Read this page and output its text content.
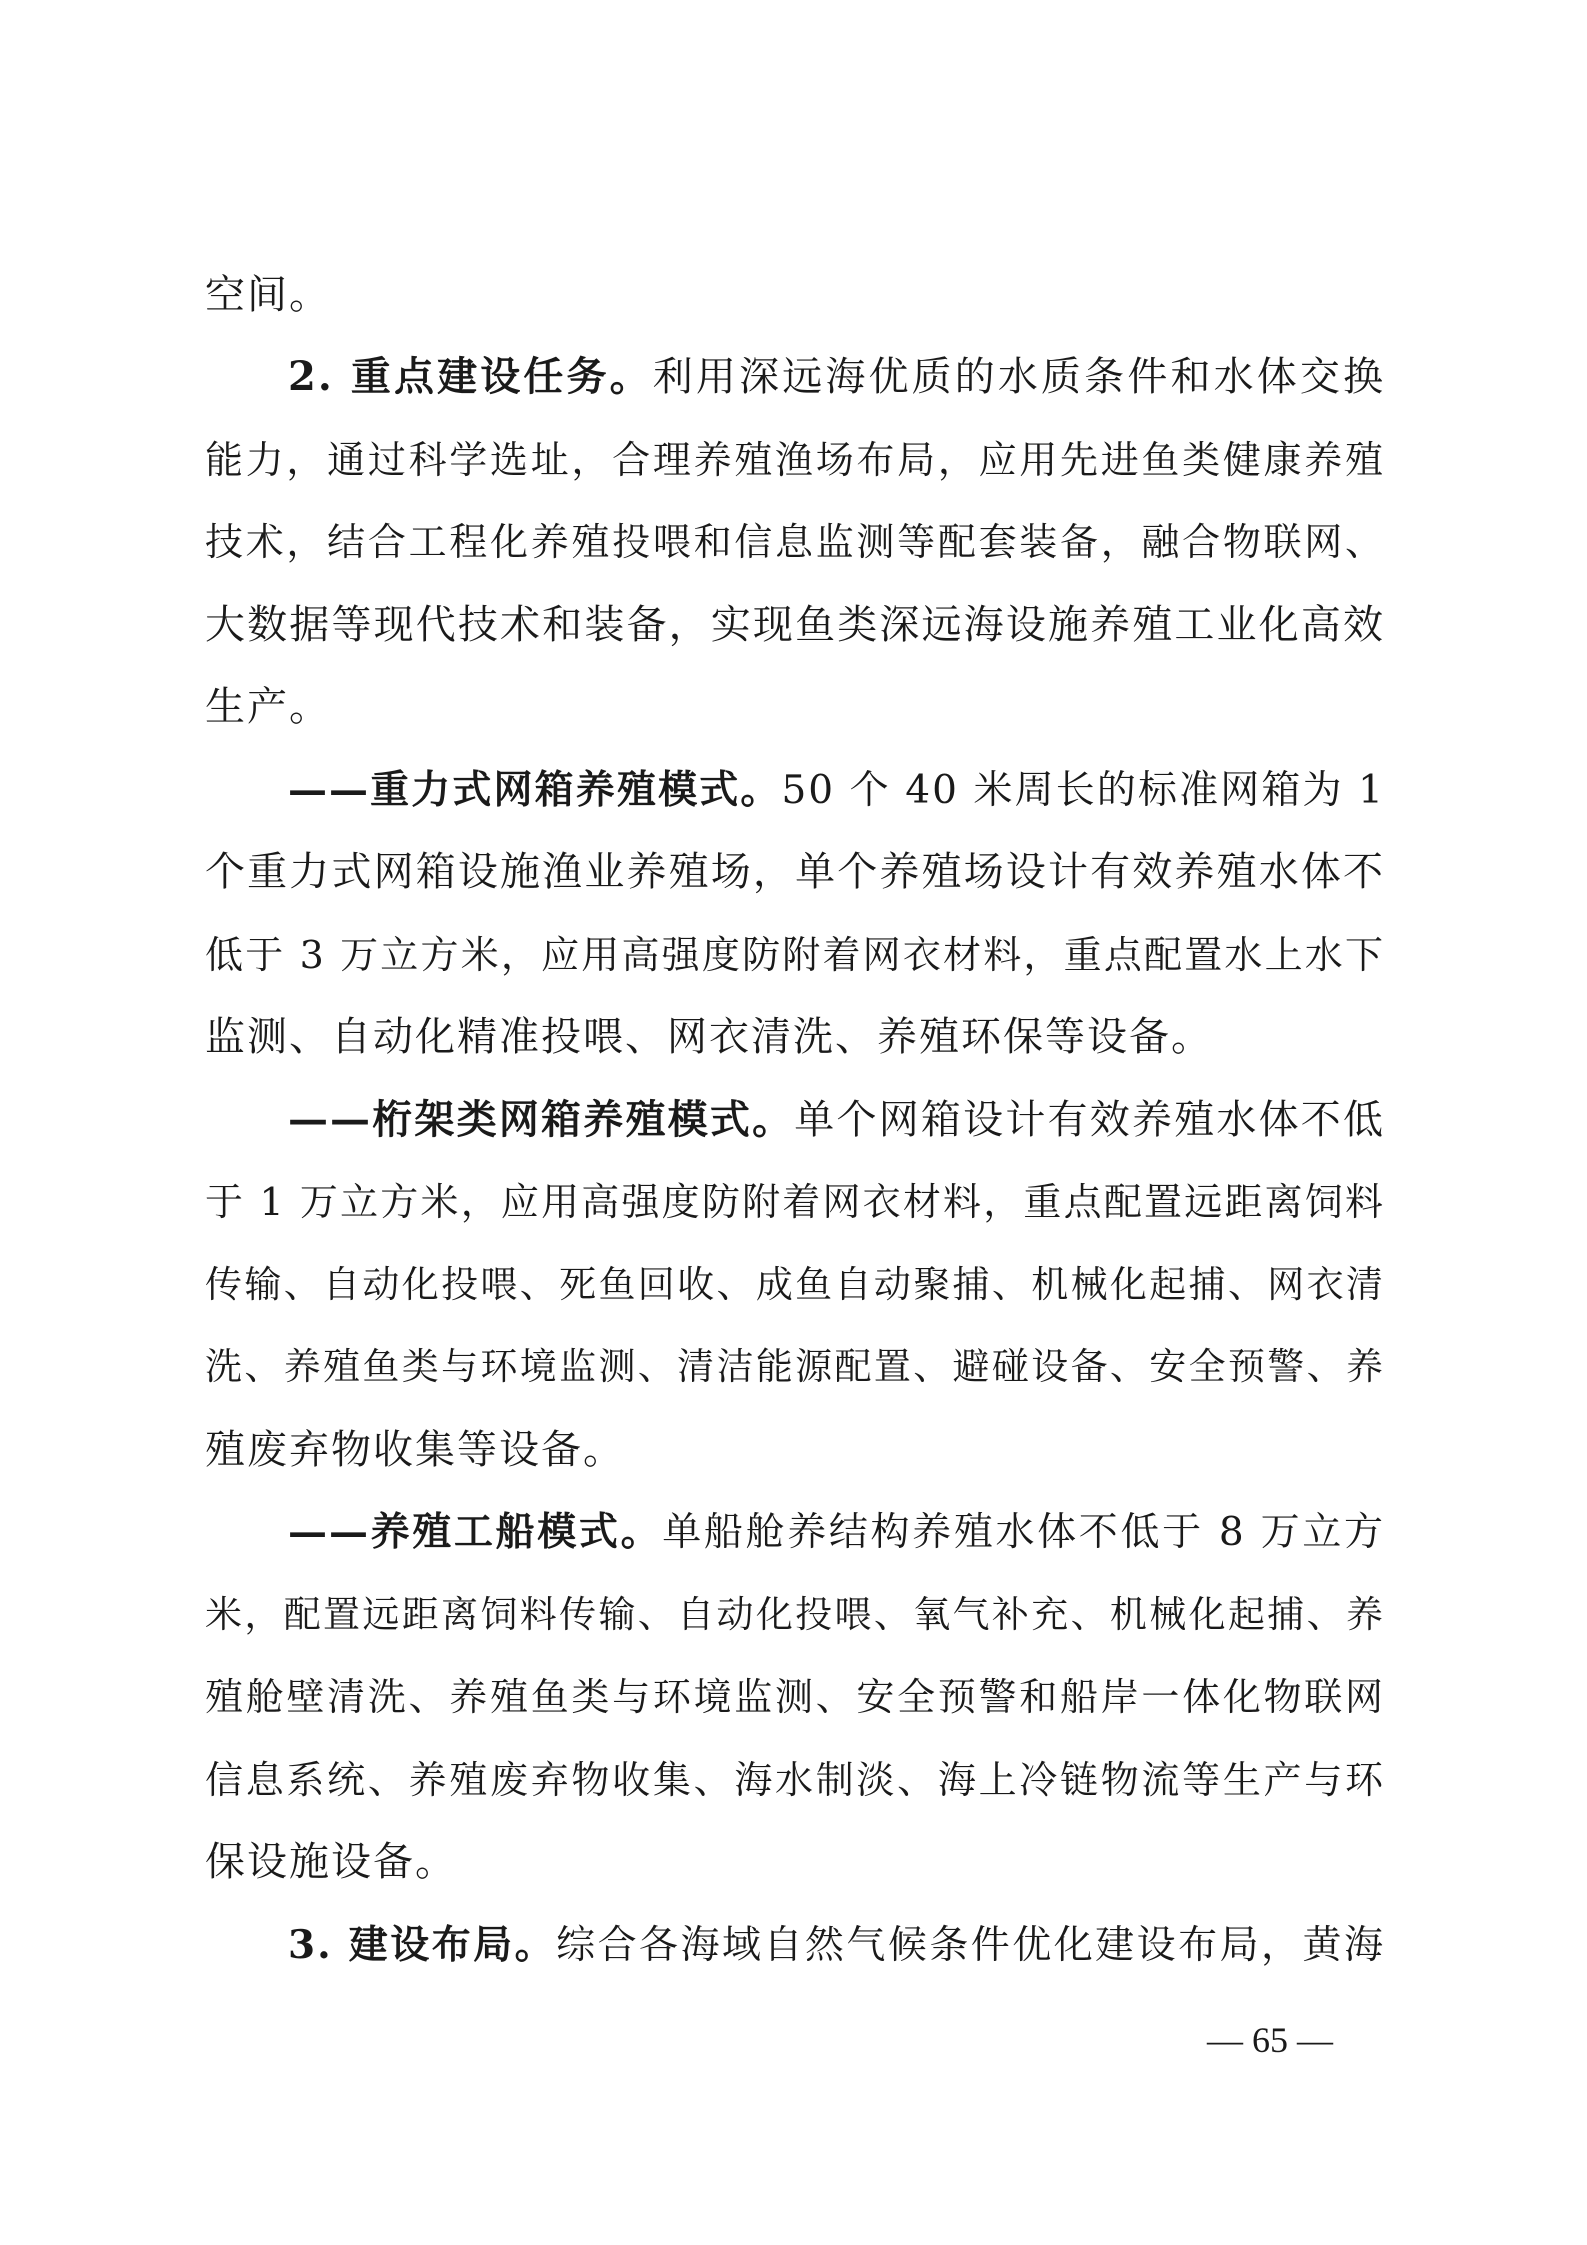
空间。
2. 重点建设任务。利用深远海优质的水质条件和水体交换
能力，通过科学选址，合理养殖渔场布局，应用先进鱼类健康养殖
技术，结合工程化养殖投喂和信息监测等配套装备，融合物联网、
大数据等现代技术和装备，实现鱼类深远海设施养殖工业化高效
生产。
——重力式网箱养殖模式。50 个 40 米周长的标准网箱为 1
个重力式网箱设施渔业养殖场，单个养殖场设计有效养殖水体不
低于 3 万立方米，应用高强度防附着网衣材料，重点配置水上水下
监测、自动化精准投喂、网衣清洗、养殖环保等设备。
——桁架类网箱养殖模式。单个网箱设计有效养殖水体不低
于 1 万立方米，应用高强度防附着网衣材料，重点配置远距离饲料
传输、自动化投喂、死鱼回收、成鱼自动聚捕、机械化起捕、网衣清
洗、养殖鱼类与环境监测、清洁能源配置、避碰设备、安全预警、养
殖废弃物收集等设备。
——养殖工船模式。单船舱养结构养殖水体不低于 8 万立方
米，配置远距离饲料传输、自动化投喂、氧气补充、机械化起捕、养
殖舱壁清洗、养殖鱼类与环境监测、安全预警和船岸一体化物联网
信息系统、养殖废弃物收集、海水制淡、海上冷链物流等生产与环
保设施设备。
3. 建设布局。综合各海域自然气候条件优化建设布局，黄海
— 65 —
